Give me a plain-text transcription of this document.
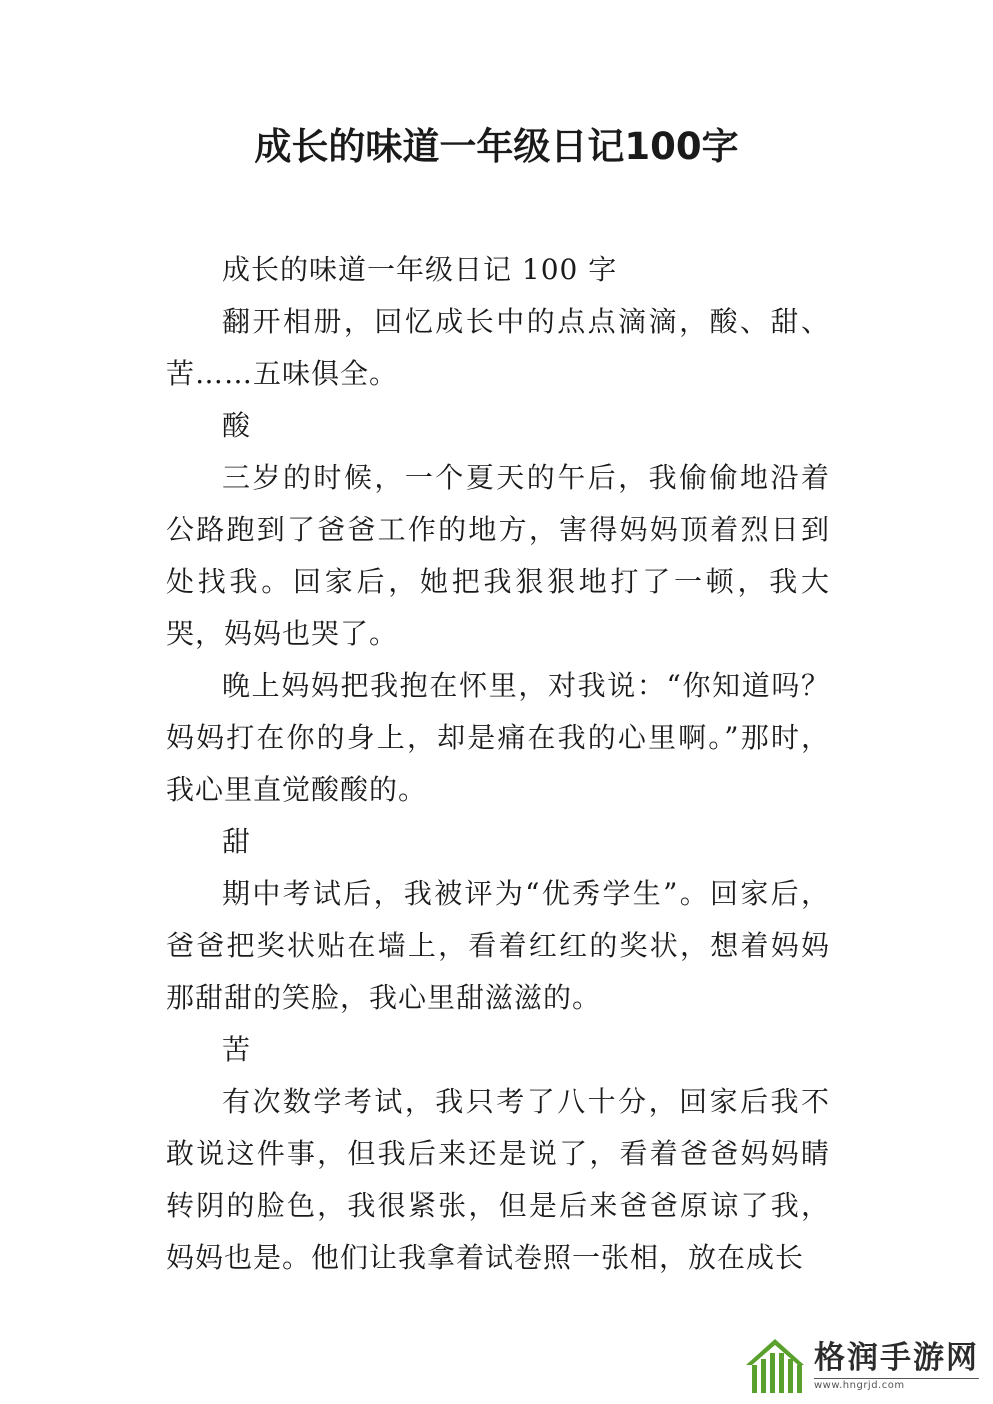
成长的味道一年级日记100字

成长的味道一年级日记 100 字

翻开相册，回忆成长中的点点滴滴，酸、甜、苦……五味俱全。

酸

三岁的时候，一个夏天的午后，我偷偷地沿着公路跑到了爸爸工作的地方，害得妈妈顶着烈日到处找我。回家后，她把我狠狠地打了一顿，我大哭，妈妈也哭了。

晚上妈妈把我抱在怀里，对我说：“你知道吗？妈妈打在你的身上，却是痛在我的心里啊。”那时，我心里直觉酸酸的。

甜

期中考试后，我被评为“优秀学生”。回家后，爸爸把奖状贴在墙上，看着红红的奖状，想着妈妈那甜甜的笑脸，我心里甜滋滋的。

苦

有次数学考试，我只考了八十分，回家后我不敢说这件事，但我后来还是说了，看着爸爸妈妈睛转阴的脸色，我很紧张，但是后来爸爸原谅了我，妈妈也是。他们让我拿着试卷照一张相，放在成长

格润手游网
www.hngrjd.com
